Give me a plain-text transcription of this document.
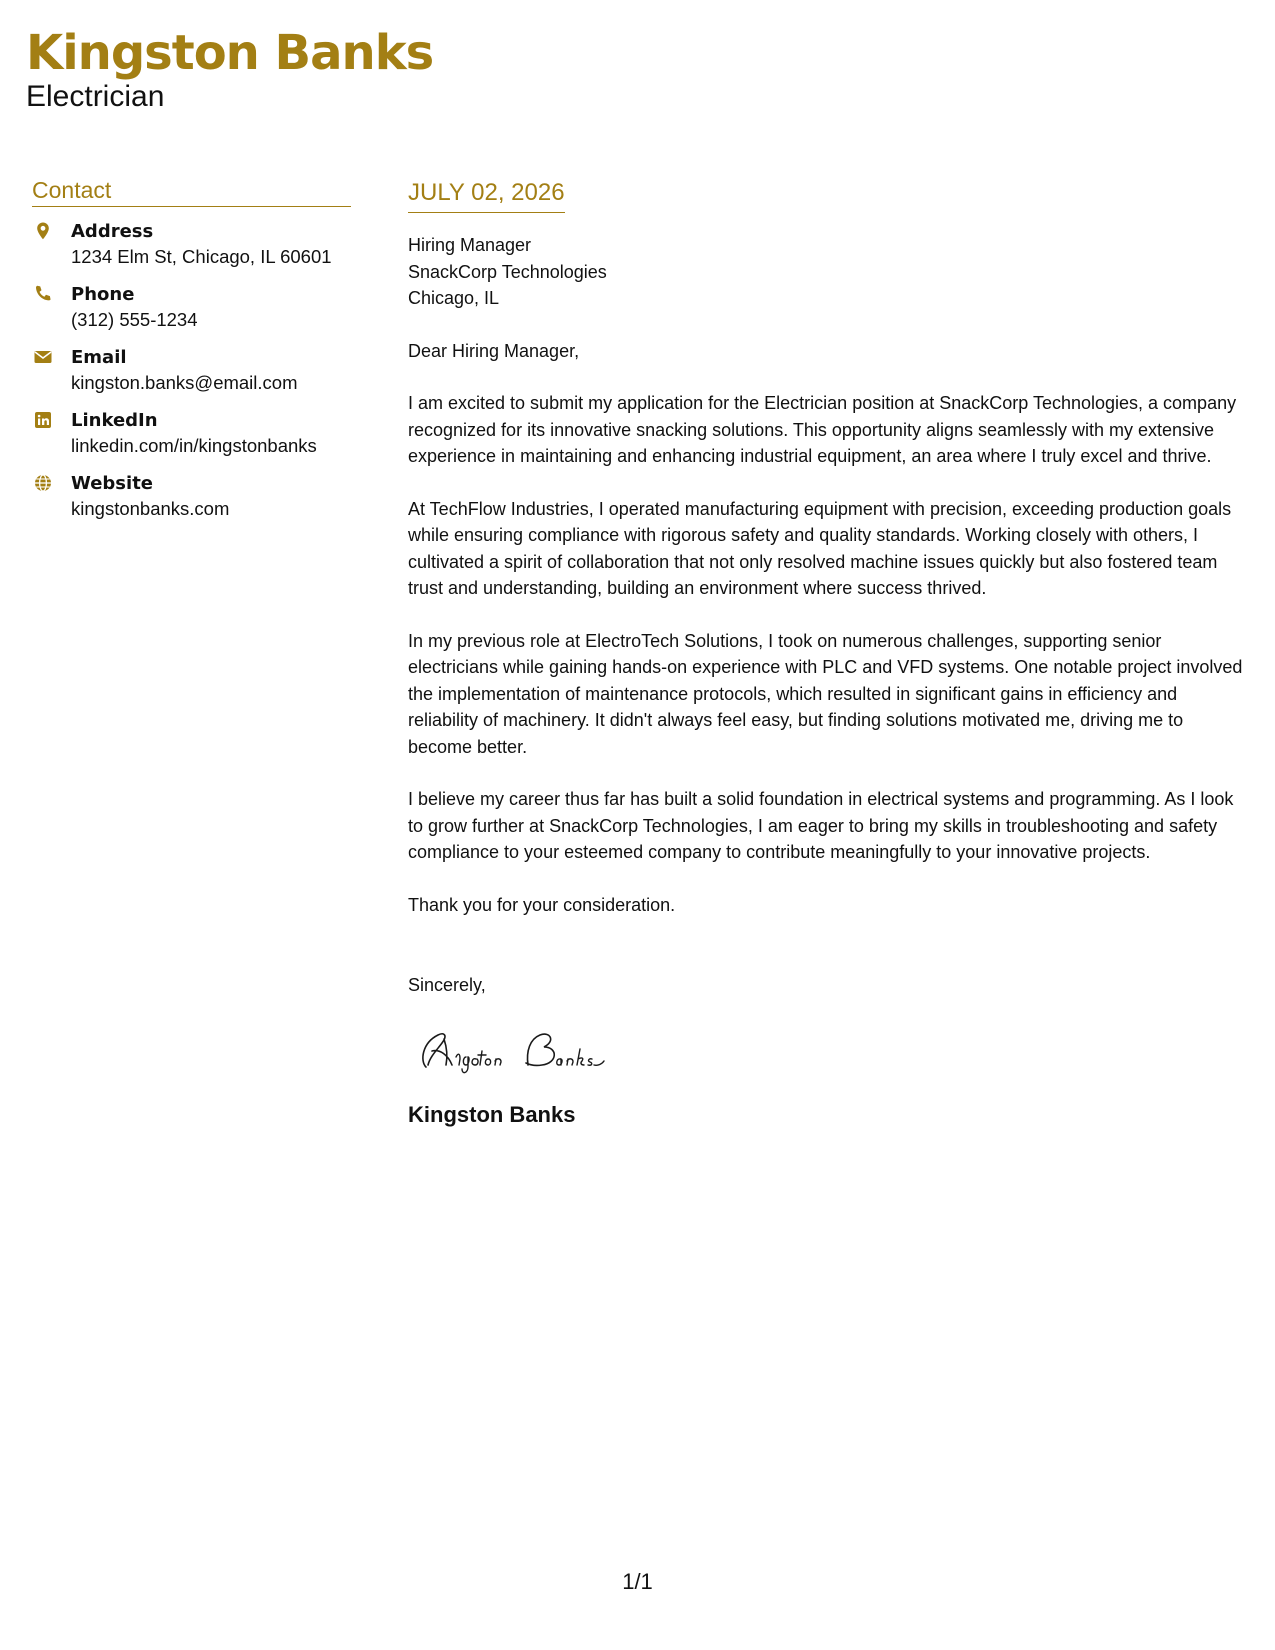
Kingston Banks
Electrician
Contact
Address
1234 Elm St, Chicago, IL 60601
Phone
(312) 555-1234
Email
kingston.banks@email.com
LinkedIn
linkedin.com/in/kingstonbanks
Website
kingstonbanks.com
JULY 02, 2026
Hiring Manager
SnackCorp Technologies
Chicago, IL
Dear Hiring Manager,
I am excited to submit my application for the Electrician position at SnackCorp Technologies, a company recognized for its innovative snacking solutions. This opportunity aligns seamlessly with my extensive experience in maintaining and enhancing industrial equipment, an area where I truly excel and thrive.
At TechFlow Industries, I operated manufacturing equipment with precision, exceeding production goals while ensuring compliance with rigorous safety and quality standards. Working closely with others, I cultivated a spirit of collaboration that not only resolved machine issues quickly but also fostered team trust and understanding, building an environment where success thrived.
In my previous role at ElectroTech Solutions, I took on numerous challenges, supporting senior electricians while gaining hands-on experience with PLC and VFD systems. One notable project involved the implementation of maintenance protocols, which resulted in significant gains in efficiency and reliability of machinery. It didn't always feel easy, but finding solutions motivated me, driving me to become better.
I believe my career thus far has built a solid foundation in electrical systems and programming. As I look to grow further at SnackCorp Technologies, I am eager to bring my skills in troubleshooting and safety compliance to your esteemed company to contribute meaningfully to your innovative projects.
Thank you for your consideration.
Sincerely,
Kingston Banks
1/1
